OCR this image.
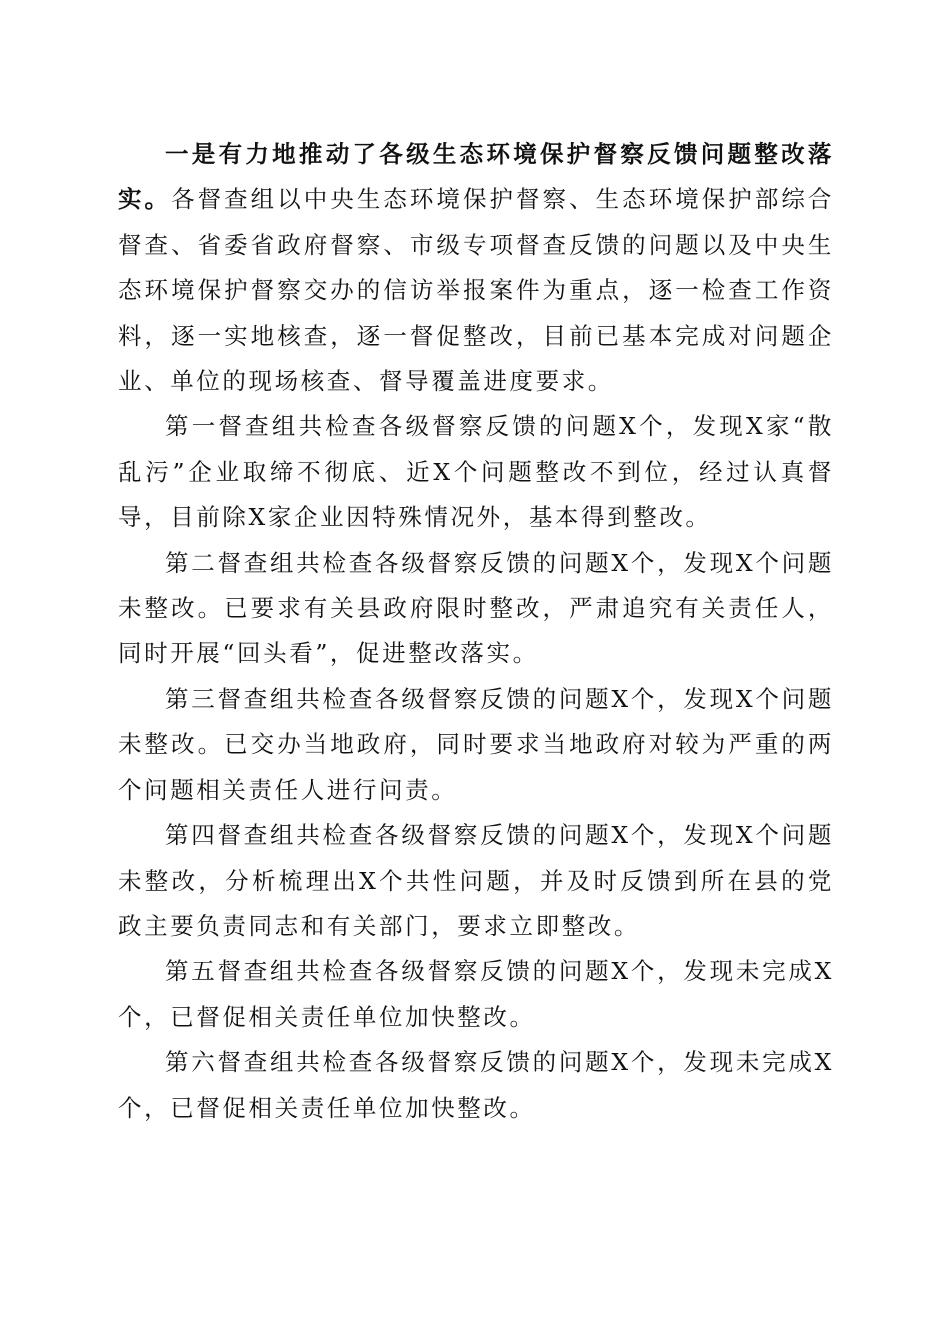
一是有力地推动了各级生态环境保护督察反馈问题整改落实。各督查组以中央生态环境保护督察、生态环境保护部综合督查、省委省政府督察、市级专项督查反馈的问题以及中央生态环境保护督察交办的信访举报案件为重点，逐一检查工作资料，逐一实地核查，逐一督促整改，目前已基本完成对问题企业、单位的现场核查、督导覆盖进度要求。

第一督查组共检查各级督察反馈的问题X个，发现X家“散乱污”企业取缔不彻底、近X个问题整改不到位，经过认真督导，目前除X家企业因特殊情况外，基本得到整改。

第二督查组共检查各级督察反馈的问题X个，发现X个问题未整改。已要求有关县政府限时整改，严肃追究有关责任人，同时开展“回头看”，促进整改落实。

第三督查组共检查各级督察反馈的问题X个，发现X个问题未整改。已交办当地政府，同时要求当地政府对较为严重的两个问题相关责任人进行问责。

第四督查组共检查各级督察反馈的问题X个，发现X个问题未整改，分析梳理出X个共性问题，并及时反馈到所在县的党政主要负责同志和有关部门，要求立即整改。

第五督查组共检查各级督察反馈的问题X个，发现未完成X个，已督促相关责任单位加快整改。

第六督查组共检查各级督察反馈的问题X个，发现未完成X个，已督促相关责任单位加快整改。
